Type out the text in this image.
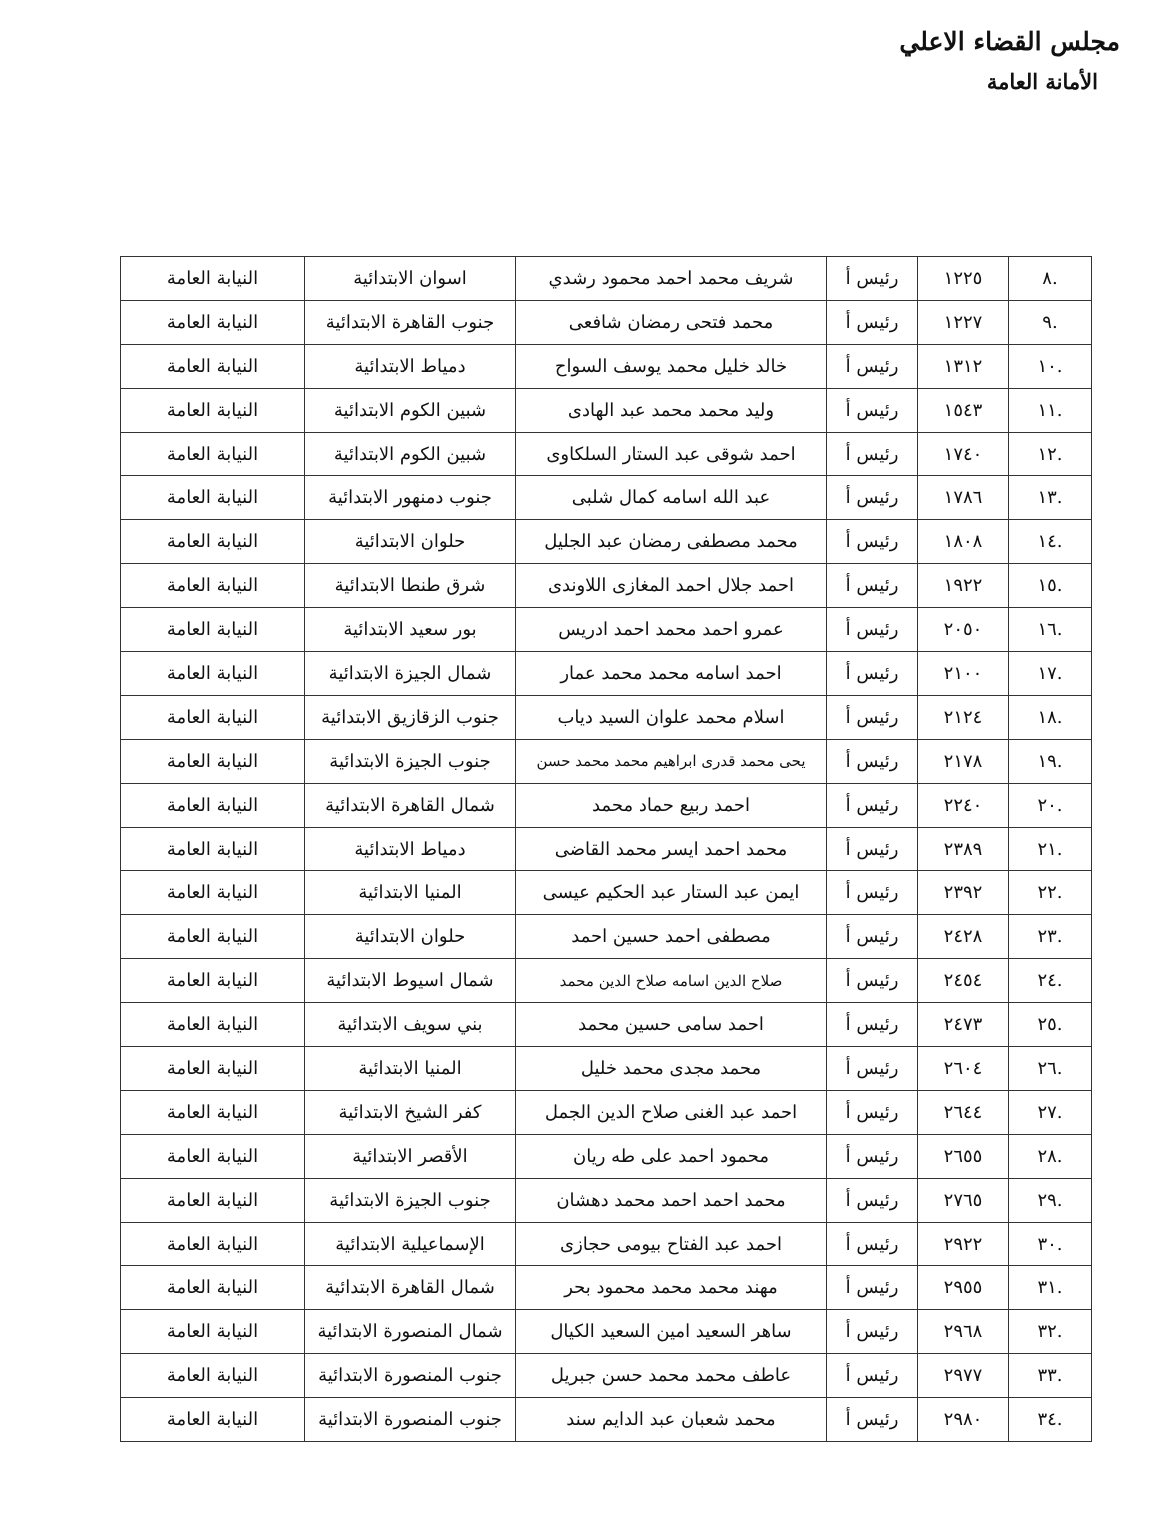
مجلس القضاء الاعلي

الأمانة العامة

.٨	١٢٢٥	رئيس أ	شريف محمد احمد محمود رشدي	اسوان الابتدائية	النيابة العامة
.٩	١٢٢٧	رئيس أ	محمد فتحى رمضان شافعى	جنوب القاهرة الابتدائية	النيابة العامة
.١٠	١٣١٢	رئيس أ	خالد خليل محمد يوسف السواح	دمياط الابتدائية	النيابة العامة
.١١	١٥٤٣	رئيس أ	وليد محمد محمد عبد الهادى	شبين الكوم الابتدائية	النيابة العامة
.١٢	١٧٤٠	رئيس أ	احمد شوقى عبد الستار السلكاوى	شبين الكوم الابتدائية	النيابة العامة
.١٣	١٧٨٦	رئيس أ	عبد الله اسامه كمال شلبى	جنوب دمنهور الابتدائية	النيابة العامة
.١٤	١٨٠٨	رئيس أ	محمد مصطفى رمضان عبد الجليل	حلوان الابتدائية	النيابة العامة
.١٥	١٩٢٢	رئيس أ	احمد جلال احمد المغازى اللاوندى	شرق طنطا الابتدائية	النيابة العامة
.١٦	٢٠٥٠	رئيس أ	عمرو احمد محمد احمد ادريس	بور سعيد الابتدائية	النيابة العامة
.١٧	٢١٠٠	رئيس أ	احمد اسامه محمد محمد عمار	شمال الجيزة الابتدائية	النيابة العامة
.١٨	٢١٢٤	رئيس أ	اسلام محمد علوان السيد دياب	جنوب الزقازيق الابتدائية	النيابة العامة
.١٩	٢١٧٨	رئيس أ	يحى محمد قدرى ابراهيم محمد محمد حسن	جنوب الجيزة الابتدائية	النيابة العامة
.٢٠	٢٢٤٠	رئيس أ	احمد ربيع حماد محمد	شمال القاهرة الابتدائية	النيابة العامة
.٢١	٢٣٨٩	رئيس أ	محمد احمد ايسر محمد القاضى	دمياط الابتدائية	النيابة العامة
.٢٢	٢٣٩٢	رئيس أ	ايمن عبد الستار عبد الحكيم عيسى	المنيا الابتدائية	النيابة العامة
.٢٣	٢٤٢٨	رئيس أ	مصطفى احمد حسين احمد	حلوان الابتدائية	النيابة العامة
.٢٤	٢٤٥٤	رئيس أ	صلاح الدين اسامه صلاح الدين محمد	شمال اسيوط الابتدائية	النيابة العامة
.٢٥	٢٤٧٣	رئيس أ	احمد سامى حسين محمد	بني سويف الابتدائية	النيابة العامة
.٢٦	٢٦٠٤	رئيس أ	محمد مجدى محمد خليل	المنيا الابتدائية	النيابة العامة
.٢٧	٢٦٤٤	رئيس أ	احمد عبد الغنى صلاح الدين الجمل	كفر الشيخ الابتدائية	النيابة العامة
.٢٨	٢٦٥٥	رئيس أ	محمود احمد على طه ريان	الأقصر الابتدائية	النيابة العامة
.٢٩	٢٧٦٥	رئيس أ	محمد احمد احمد محمد دهشان	جنوب الجيزة الابتدائية	النيابة العامة
.٣٠	٢٩٢٢	رئيس أ	احمد عبد الفتاح بيومى حجازى	الإسماعيلية الابتدائية	النيابة العامة
.٣١	٢٩٥٥	رئيس أ	مهند محمد محمد محمود بحر	شمال القاهرة الابتدائية	النيابة العامة
.٣٢	٢٩٦٨	رئيس أ	ساهر السعيد امين السعيد الكيال	شمال المنصورة الابتدائية	النيابة العامة
.٣٣	٢٩٧٧	رئيس أ	عاطف محمد محمد حسن جبريل	جنوب المنصورة الابتدائية	النيابة العامة
.٣٤	٢٩٨٠	رئيس أ	محمد شعبان عبد الدايم سند	جنوب المنصورة الابتدائية	النيابة العامة
